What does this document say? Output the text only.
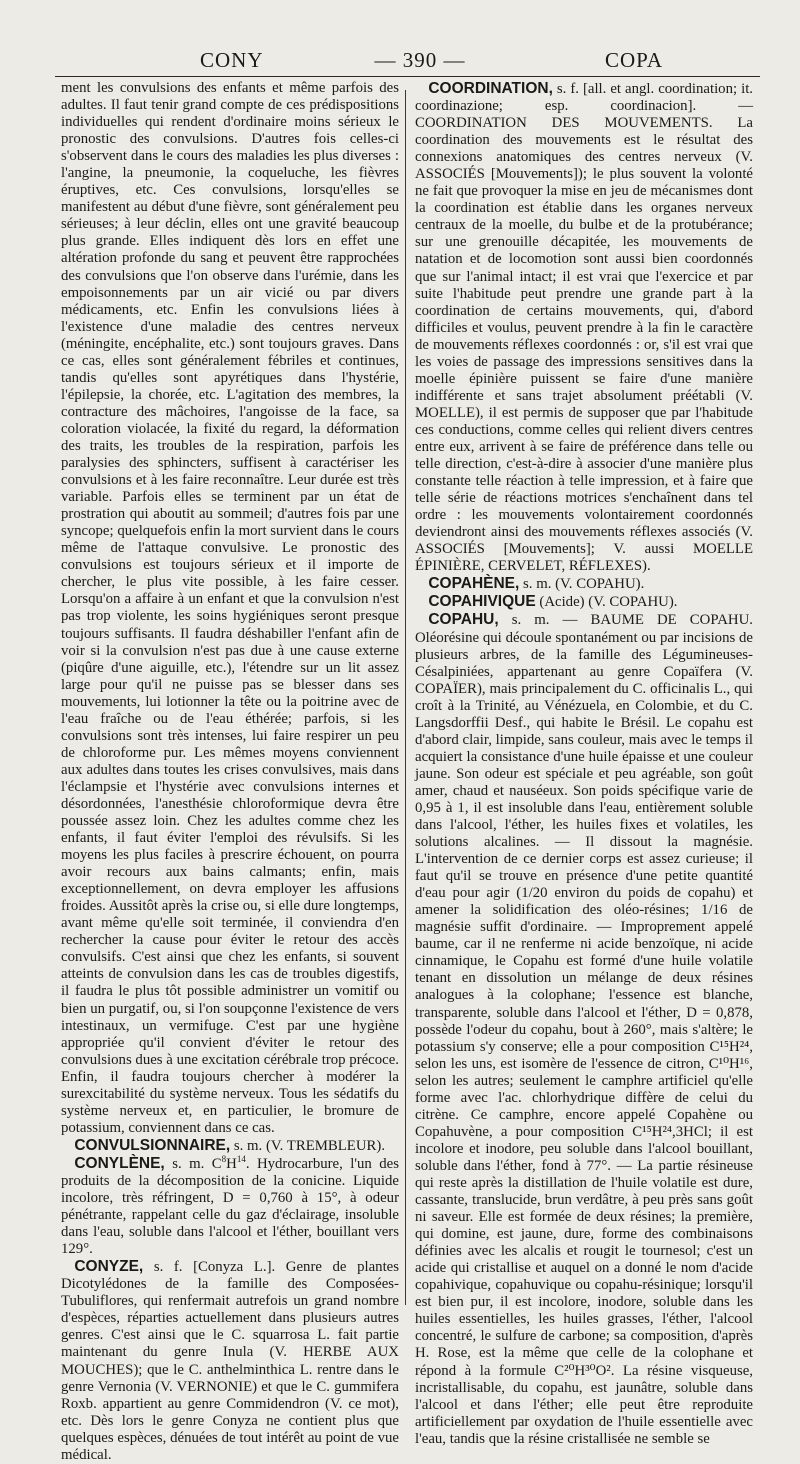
CONY	— 390 —	COPA

ment les convulsions des enfants et même parfois des adultes. Il faut tenir grand compte de ces prédispositions individuelles qui rendent d'ordinaire moins sérieux le pronostic des convulsions. D'autres fois celles-ci s'observent dans le cours des maladies les plus diverses : l'angine, la pneumonie, la coqueluche, les fièvres éruptives, etc. Ces convulsions, lorsqu'elles se manifestent au début d'une fièvre, sont généralement peu sérieuses; à leur déclin, elles ont une gravité beaucoup plus grande. Elles indiquent dès lors en effet une altération profonde du sang et peuvent être rapprochées des convulsions que l'on observe dans l'urémie, dans les empoisonnements par un air vicié ou par divers médicaments, etc. Enfin les convulsions liées à l'existence d'une maladie des centres nerveux (méningite, encéphalite, etc.) sont toujours graves. Dans ce cas, elles sont généralement fébriles et continues, tandis qu'elles sont apyrétiques dans l'hystérie, l'épilepsie, la chorée, etc. L'agitation des membres, la contracture des mâchoires, l'angoisse de la face, sa coloration violacée, la fixité du regard, la déformation des traits, les troubles de la respiration, parfois les paralysies des sphincters, suffisent à caractériser les convulsions et à les faire reconnaître. Leur durée est très variable. Parfois elles se terminent par un état de prostration qui aboutit au sommeil; d'autres fois par une syncope; quelquefois enfin la mort survient dans le cours même de l'attaque convulsive. Le pronostic des convulsions est toujours sérieux et il importe de chercher, le plus vite possible, à les faire cesser. Lorsqu'on a affaire à un enfant et que la convulsion n'est pas trop violente, les soins hygiéniques seront presque toujours suffisants. Il faudra déshabiller l'enfant afin de voir si la convulsion n'est pas due à une cause externe (piqûre d'une aiguille, etc.), l'étendre sur un lit assez large pour qu'il ne puisse pas se blesser dans ses mouvements, lui lotionner la tête ou la poitrine avec de l'eau fraîche ou de l'eau éthérée; parfois, si les convulsions sont très intenses, lui faire respirer un peu de chloroforme pur. Les mêmes moyens conviennent aux adultes dans toutes les crises convulsives, mais dans l'éclampsie et l'hystérie avec convulsions internes et désordonnées, l'anesthésie chloroformique devra être poussée assez loin. Chez les adultes comme chez les enfants, il faut éviter l'emploi des révulsifs. Si les moyens les plus faciles à prescrire échouent, on pourra avoir recours aux bains calmants; enfin, mais exceptionnellement, on devra employer les affusions froides. Aussitôt après la crise ou, si elle dure longtemps, avant même qu'elle soit terminée, il conviendra d'en rechercher la cause pour éviter le retour des accès convulsifs. C'est ainsi que chez les enfants, si souvent atteints de convulsion dans les cas de troubles digestifs, il faudra le plus tôt possible administrer un vomitif ou bien un purgatif, ou, si l'on soupçonne l'existence de vers intestinaux, un vermifuge. C'est par une hygiène appropriée qu'il convient d'éviter le retour des convulsions dues à une excitation cérébrale trop précoce. Enfin, il faudra toujours chercher à modérer la surexcitabilité du système nerveux. Tous les sédatifs du système nerveux et, en particulier, le bromure de potassium, conviennent dans ce cas.

CONVULSIONNAIRE, s. m. (V. TREMBLEUR).

CONYLÈNE, s. m. $C^8H^{14}$. Hydrocarbure, l'un des produits de la décomposition de la conicine. Liquide incolore, très réfringent, D = 0,760 à 15°, à odeur pénétrante, rappelant celle du gaz d'éclairage, insoluble dans l'eau, soluble dans l'alcool et l'éther, bouillant vers 129°.

CONYZE, s. f. [Conyza L.]. Genre de plantes Dicotylédones de la famille des Composées-Tubuliflores, qui renfermait autrefois un grand nombre d'espèces, réparties actuellement dans plusieurs autres genres. C'est ainsi que le C. squarrosa L. fait partie maintenant du genre Inula (V. HERBE AUX MOUCHES); que le C. anthelminthica L. rentre dans le genre Vernonia (V. VERNONIE) et que le C. gummifera Roxb. appartient au genre Commidendron (V. ce mot), etc. Dès lors le genre Conyza ne contient plus que quelques espèces, dénuées de tout intérêt au point de vue médical.

COORDINATION, s. f. [all. et angl. coordination; it. coordinazione; esp. coordinacion]. — COORDINATION DES MOUVEMENTS. La coordination des mouvements est le résultat des connexions anatomiques des centres nerveux (V. ASSOCIÉS [Mouvements]); le plus souvent la volonté ne fait que provoquer la mise en jeu de mécanismes dont la coordination est établie dans les organes nerveux centraux de la moelle, du bulbe et de la protubérance; sur une grenouille décapitée, les mouvements de natation et de locomotion sont aussi bien coordonnés que sur l'animal intact; il est vrai que l'exercice et par suite l'habitude peut prendre une grande part à la coordination de certains mouvements, qui, d'abord difficiles et voulus, peuvent prendre à la fin le caractère de mouvements réflexes coordonnés : or, s'il est vrai que les voies de passage des impressions sensitives dans la moelle épinière puissent se faire d'une manière indifférente et sans trajet absolument préétabli (V. MOELLE), il est permis de supposer que par l'habitude ces conductions, comme celles qui relient divers centres entre eux, arrivent à se faire de préférence dans telle ou telle direction, c'est-à-dire à associer d'une manière plus constante telle réaction à telle impression, et à faire que telle série de réactions motrices s'enchaînent dans tel ordre : les mouvements volontairement coordonnés deviendront ainsi des mouvements réflexes associés (V. ASSOCIÉS [Mouvements]; V. aussi MOELLE ÉPINIÈRE, CERVELET, RÉFLEXES).

COPAHÈNE, s. m. (V. COPAHU).

COPAHIVIQUE (Acide) (V. COPAHU).

COPAHU, s. m. — BAUME DE COPAHU. Oléorésine qui découle spontanément ou par incisions de plusieurs arbres, de la famille des Légumineuses-Césalpiniées, appartenant au genre Copaïfera (V. COPAÏER), mais principalement du C. officinalis L., qui croît à la Trinité, au Vénézuela, en Colombie, et du C. Langsdorffii Desf., qui habite le Brésil. Le copahu est d'abord clair, limpide, sans couleur, mais avec le temps il acquiert la consistance d'une huile épaisse et une couleur jaune. Son odeur est spéciale et peu agréable, son goût amer, chaud et nauséeux. Son poids spécifique varie de 0,95 à 1, il est insoluble dans l'eau, entièrement soluble dans l'alcool, l'éther, les huiles fixes et volatiles, les solutions alcalines. — Il dissout la magnésie. L'intervention de ce dernier corps est assez curieuse; il faut qu'il se trouve en présence d'une petite quantité d'eau pour agir (1/20 environ du poids de copahu) et amener la solidification des oléo-résines; 1/16 de magnésie suffit d'ordinaire. — Improprement appelé baume, car il ne renferme ni acide benzoïque, ni acide cinnamique, le Copahu est formé d'une huile volatile tenant en dissolution un mélange de deux résines analogues à la colophane; l'essence est blanche, transparente, soluble dans l'alcool et l'éther, D = 0,878, possède l'odeur du copahu, bout à 260°, mais s'altère; le potassium s'y conserve; elle a pour composition C¹⁵H²⁴, selon les uns, est isomère de l'essence de citron, C¹⁰H¹⁶, selon les autres; seulement le camphre artificiel qu'elle forme avec l'ac. chlorhydrique diffère de celui du citrène. Ce camphre, encore appelé Copahène ou Copahuvène, a pour composition C¹⁵H²⁴,3HCl; il est incolore et inodore, peu soluble dans l'alcool bouillant, soluble dans l'éther, fond à 77°. — La partie résineuse qui reste après la distillation de l'huile volatile est dure, cassante, translucide, brun verdâtre, à peu près sans goût ni saveur. Elle est formée de deux résines; la première, qui domine, est jaune, dure, forme des combinaisons définies avec les alcalis et rougit le tournesol; c'est un acide qui cristallise et auquel on a donné le nom d'acide copahivique, copahuvique ou copahu-résinique; lorsqu'il est bien pur, il est incolore, inodore, soluble dans les huiles essentielles, les huiles grasses, l'éther, l'alcool concentré, le sulfure de carbone; sa composition, d'après H. Rose, est la même que celle de la colophane et répond à la formule C²⁰H³⁰O². La résine visqueuse, incristallisable, du copahu, est jaunâtre, soluble dans l'alcool et dans l'éther; elle peut être reproduite artificiellement par oxydation de l'huile essentielle avec l'eau, tandis que la résine cristallisée ne semble se
